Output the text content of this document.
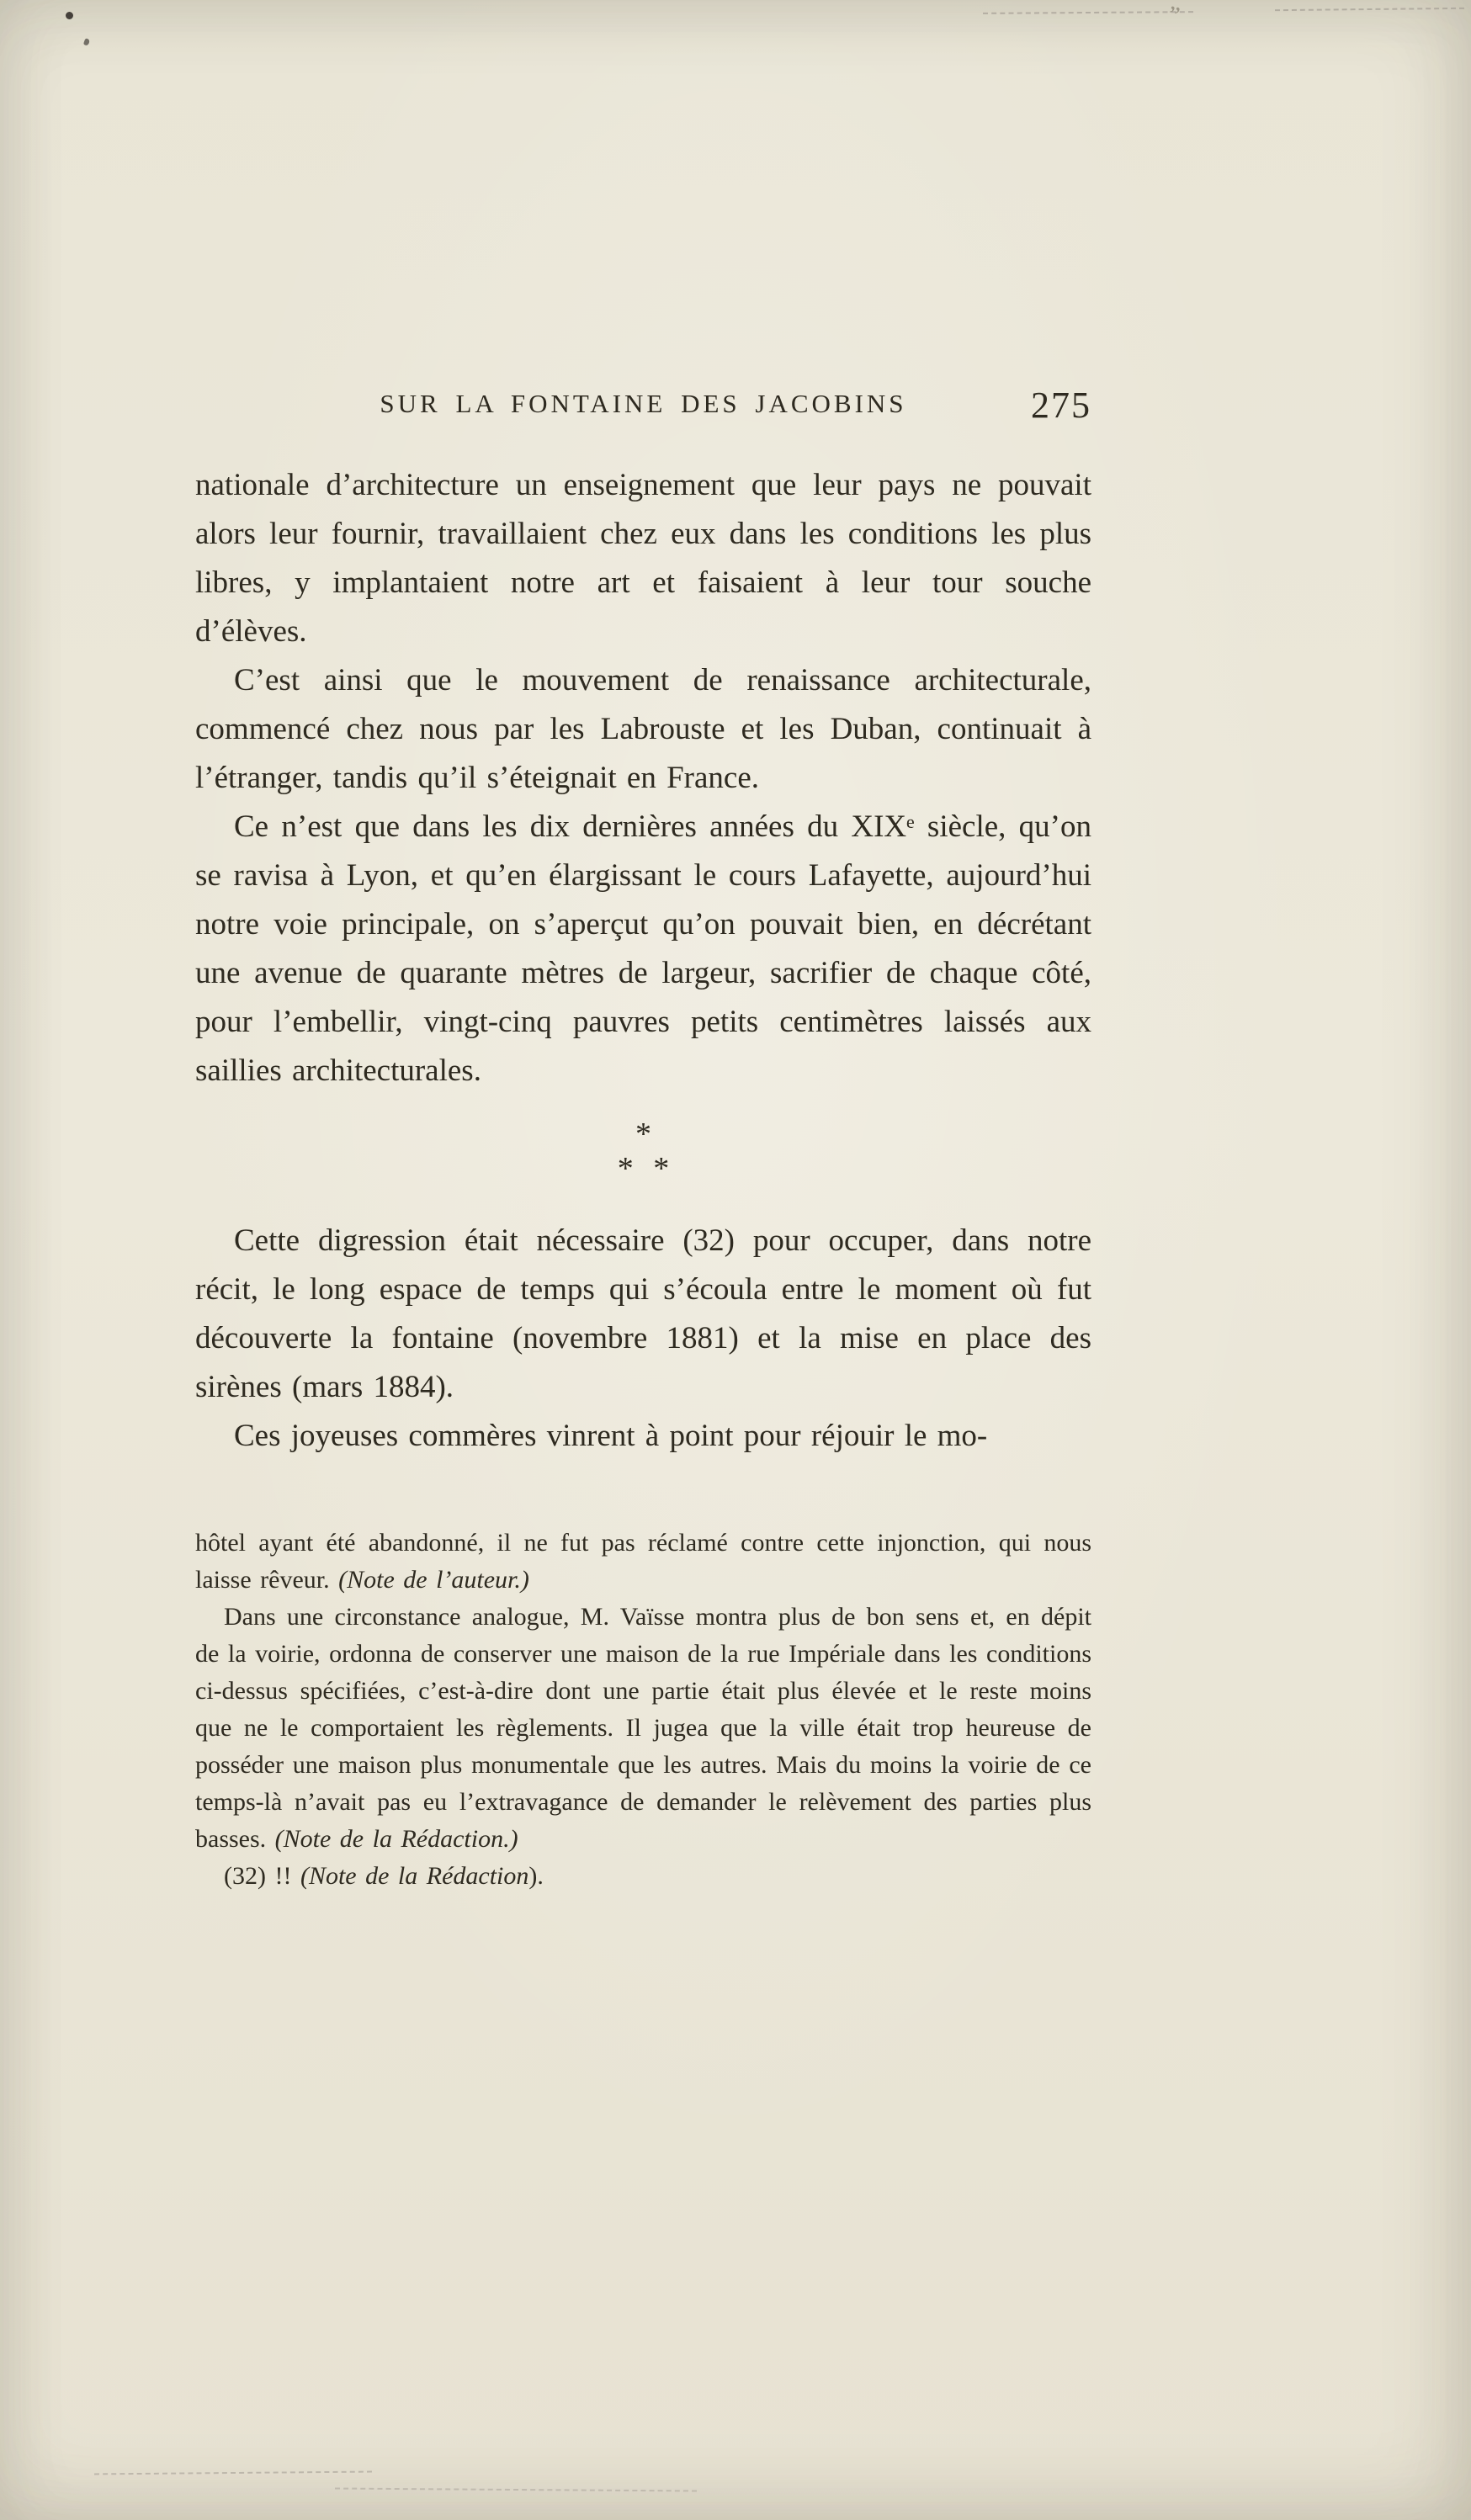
”
SUR LA FONTAINE DES JACOBINS	275

nationale d’architecture un enseignement que leur pays ne pouvait alors leur fournir, travaillaient chez eux dans les conditions les plus libres, y implantaient notre art et faisaient à leur tour souche d’élèves.

C’est ainsi que le mouvement de renaissance architecturale, commencé chez nous par les Labrouste et les Duban, continuait à l’étranger, tandis qu’il s’éteignait en France.

Ce n’est que dans les dix dernières années du XIXᵉ siècle, qu’on se ravisa à Lyon, et qu’en élargissant le cours Lafayette, aujourd’hui notre voie principale, on s’aperçut qu’on pouvait bien, en décrétant une avenue de quarante mètres de largeur, sacrifier de chaque côté, pour l’embellir, vingt-cinq pauvres petits centimètres laissés aux saillies architecturales.

*
* *

Cette digression était nécessaire (32) pour occuper, dans notre récit, le long espace de temps qui s’écoula entre le moment où fut découverte la fontaine (novembre 1881) et la mise en place des sirènes (mars 1884).

Ces joyeuses commères vinrent à point pour réjouir le mo-

hôtel ayant été abandonné, il ne fut pas réclamé contre cette injonction, qui nous laisse rêveur. (Note de l’auteur.)

Dans une circonstance analogue, M. Vaïsse montra plus de bon sens et, en dépit de la voirie, ordonna de conserver une maison de la rue Impériale dans les conditions ci-dessus spécifiées, c’est-à-dire dont une partie était plus élevée et le reste moins que ne le comportaient les règlements. Il jugea que la ville était trop heureuse de posséder une maison plus monumentale que les autres. Mais du moins la voirie de ce temps-là n’avait pas eu l’extravagance de demander le relèvement des parties plus basses. (Note de la Rédaction.)

(32) !! (Note de la Rédaction).
